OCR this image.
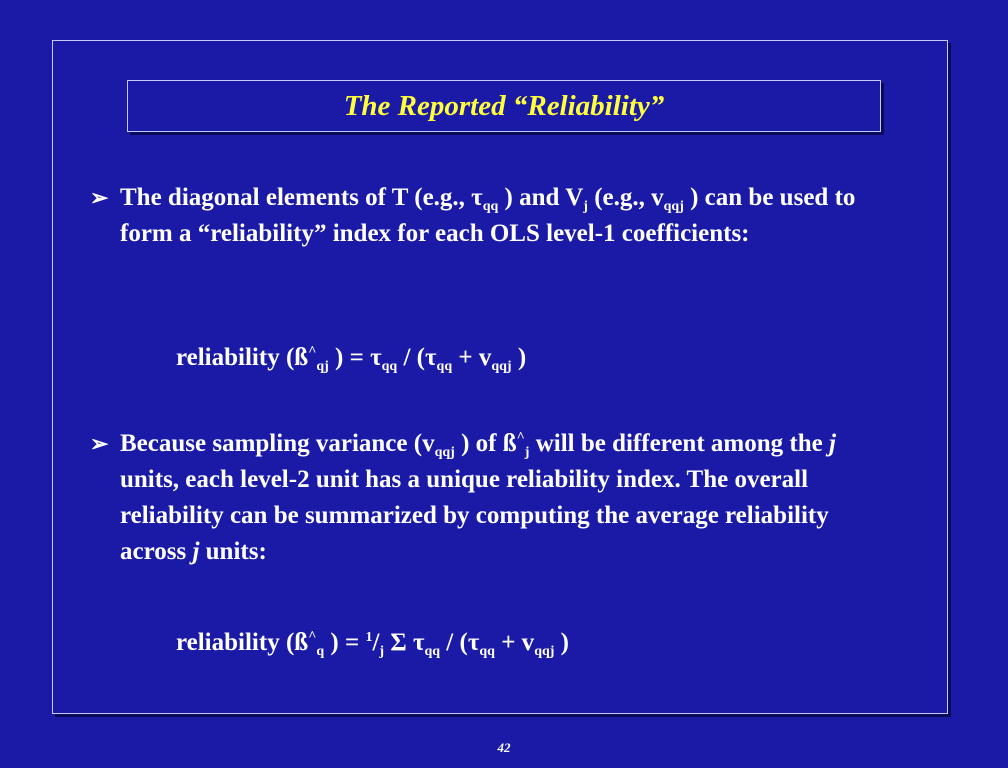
The Reported “Reliability”
➢ The diagonal elements of T (e.g., $\tau_{qq}$ ) and $V_j$ (e.g., $v_{qqj}$ ) can be used to form a “reliability” index for each OLS level-1 coefficients:
reliability ($ß^{\^{}}_{qj}$ ) = $\tau_{qq} / (\tau_{qq} + v_{qqj}$ )
➢ Because sampling variance ($v_{qqj}$ ) of $ß^{\^{}}_j$ will be different among the j units, each level-2 unit has a unique reliability index. The overall reliability can be summarized by computing the average reliability across j units:
reliability ($ß^{\^{}}_q$ ) = $^1/_j$ Σ $\tau_{qq} / (\tau_{qq} + v_{qqj}$ )
42
